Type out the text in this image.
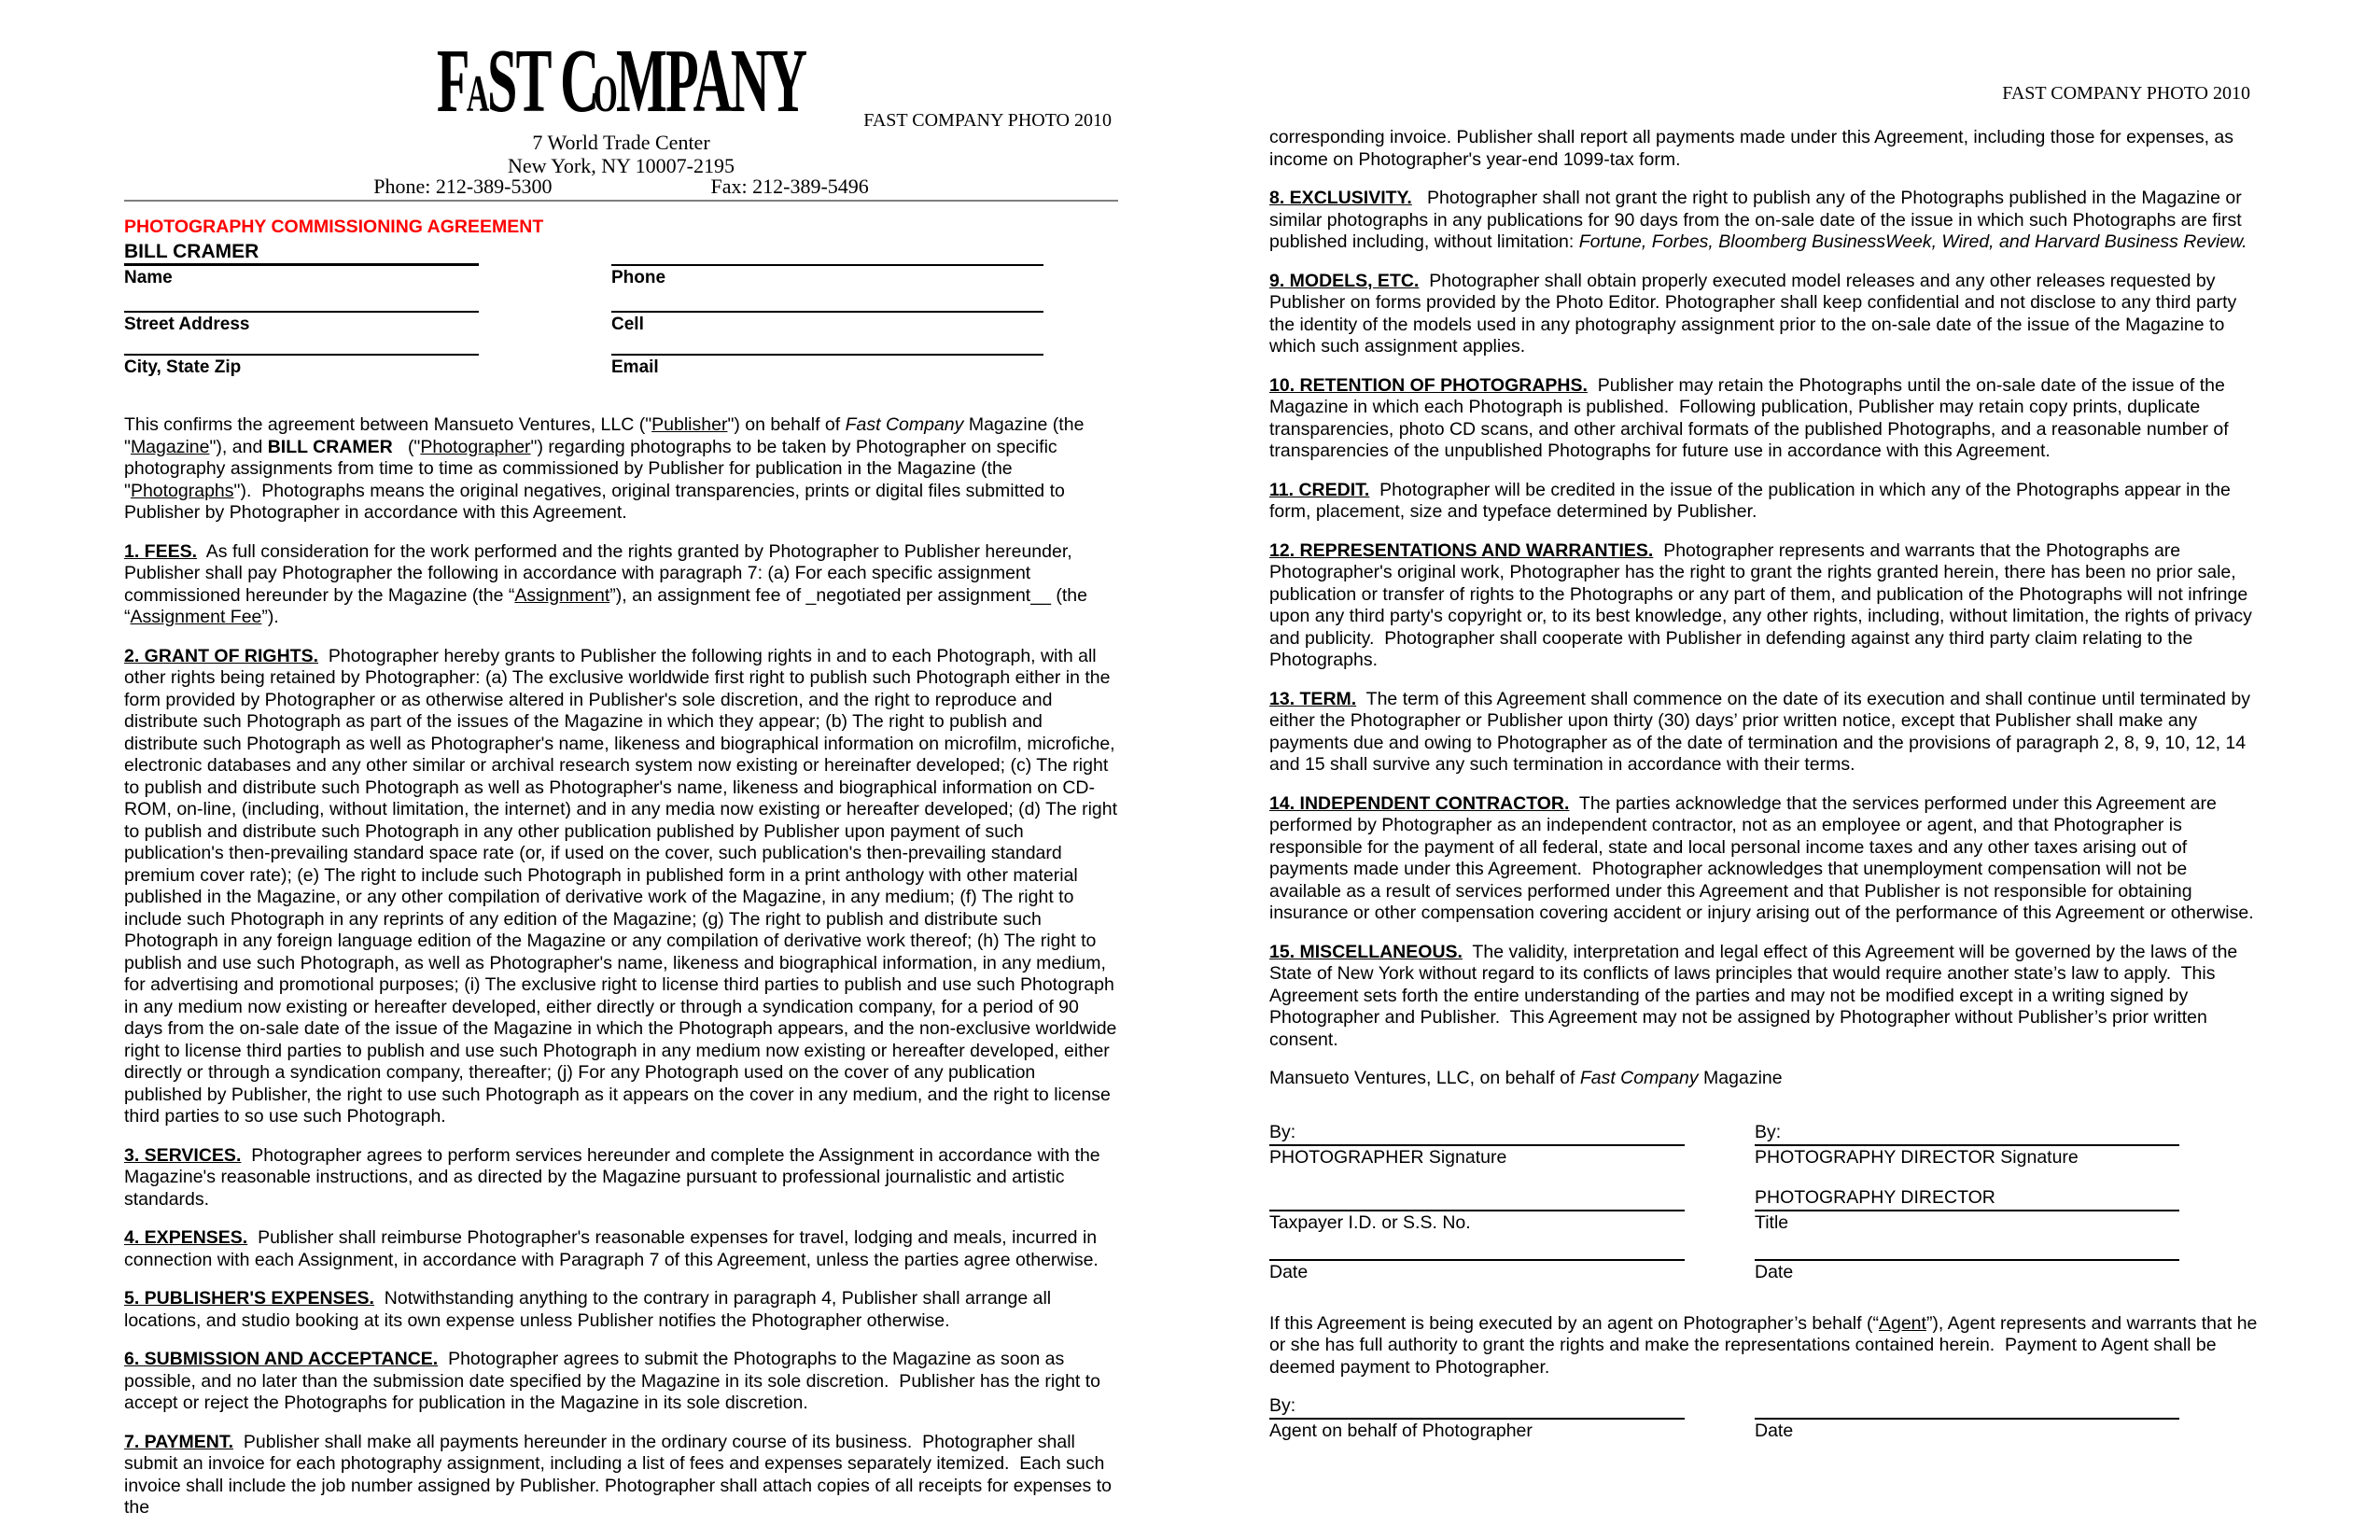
FAST COMPANY PHOTO 2010
FAST COMPANY
7 World Trade Center
New York, NY 10007-2195
Phone: 212-389-5300	Fax: 212-389-5496
PHOTOGRAPHY COMMISSIONING AGREEMENT
BILL CRAMER
Name	Phone
Street Address	Cell
City, State Zip	Email

This confirms the agreement between Mansueto Ventures, LLC ("Publisher") on behalf of Fast Company Magazine (the "Magazine"), and BILL CRAMER   ("Photographer") regarding photographs to be taken by Photographer on specific photography assignments from time to time as commissioned by Publisher for publication in the Magazine (the "Photographs").  Photographs means the original negatives, original transparencies, prints or digital files submitted to Publisher by Photographer in accordance with this Agreement.

1. FEES.  As full consideration for the work performed and the rights granted by Photographer to Publisher hereunder, Publisher shall pay Photographer the following in accordance with paragraph 7: (a) For each specific assignment commissioned hereunder by the Magazine (the “Assignment”), an assignment fee of _negotiated per assignment__ (the “Assignment Fee”).

2. GRANT OF RIGHTS.  Photographer hereby grants to Publisher the following rights in and to each Photograph, with all other rights being retained by Photographer: (a) The exclusive worldwide first right to publish such Photograph either in the form provided by Photographer or as otherwise altered in Publisher's sole discretion, and the right to reproduce and distribute such Photograph as part of the issues of the Magazine in which they appear; (b) The right to publish and distribute such Photograph as well as Photographer's name, likeness and biographical information on microfilm, microfiche, electronic databases and any other similar or archival research system now existing or hereinafter developed; (c) The right to publish and distribute such Photograph as well as Photographer's name, likeness and biographical information on CD-ROM, on-line, (including, without limitation, the internet) and in any media now existing or hereafter developed; (d) The right to publish and distribute such Photograph in any other publication published by Publisher upon payment of such publication's then-prevailing standard space rate (or, if used on the cover, such publication's then-prevailing standard premium cover rate); (e) The right to include such Photograph in published form in a print anthology with other material published in the Magazine, or any other compilation of derivative work of the Magazine, in any medium; (f) The right to include such Photograph in any reprints of any edition of the Magazine; (g) The right to publish and distribute such Photograph in any foreign language edition of the Magazine or any compilation of derivative work thereof; (h) The right to publish and use such Photograph, as well as Photographer's name, likeness and biographical information, in any medium, for advertising and promotional purposes; (i) The exclusive right to license third parties to publish and use such Photograph in any medium now existing or hereafter developed, either directly or through a syndication company, for a period of 90 days from the on-sale date of the issue of the Magazine in which the Photograph appears, and the non-exclusive worldwide right to license third parties to publish and use such Photograph in any medium now existing or hereafter developed, either directly or through a syndication company, thereafter; (j) For any Photograph used on the cover of any publication published by Publisher, the right to use such Photograph as it appears on the cover in any medium, and the right to license third parties to so use such Photograph.

3. SERVICES.  Photographer agrees to perform services hereunder and complete the Assignment in accordance with the Magazine's reasonable instructions, and as directed by the Magazine pursuant to professional journalistic and artistic standards.

4. EXPENSES.  Publisher shall reimburse Photographer's reasonable expenses for travel, lodging and meals, incurred in connection with each Assignment, in accordance with Paragraph 7 of this Agreement, unless the parties agree otherwise.

5. PUBLISHER'S EXPENSES.  Notwithstanding anything to the contrary in paragraph 4, Publisher shall arrange all locations, and studio booking at its own expense unless Publisher notifies the Photographer otherwise.

6. SUBMISSION AND ACCEPTANCE.  Photographer agrees to submit the Photographs to the Magazine as soon as possible, and no later than the submission date specified by the Magazine in its sole discretion.  Publisher has the right to accept or reject the Photographs for publication in the Magazine in its sole discretion.

7. PAYMENT.  Publisher shall make all payments hereunder in the ordinary course of its business.  Photographer shall submit an invoice for each photography assignment, including a list of fees and expenses separately itemized.  Each such invoice shall include the job number assigned by Publisher. Photographer shall attach copies of all receipts for expenses to the

FAST COMPANY PHOTO 2010

corresponding invoice. Publisher shall report all payments made under this Agreement, including those for expenses, as income on Photographer's year-end 1099-tax form.

8. EXCLUSIVITY.   Photographer shall not grant the right to publish any of the Photographs published in the Magazine or similar photographs in any publications for 90 days from the on-sale date of the issue in which such Photographs are first published including, without limitation: Fortune, Forbes, Bloomberg BusinessWeek, Wired, and Harvard Business Review.

9. MODELS, ETC.  Photographer shall obtain properly executed model releases and any other releases requested by Publisher on forms provided by the Photo Editor. Photographer shall keep confidential and not disclose to any third party the identity of the models used in any photography assignment prior to the on-sale date of the issue of the Magazine to which such assignment applies.

10. RETENTION OF PHOTOGRAPHS.  Publisher may retain the Photographs until the on-sale date of the issue of the Magazine in which each Photograph is published.  Following publication, Publisher may retain copy prints, duplicate transparencies, photo CD scans, and other archival formats of the published Photographs, and a reasonable number of transparencies of the unpublished Photographs for future use in accordance with this Agreement.

11. CREDIT.  Photographer will be credited in the issue of the publication in which any of the Photographs appear in the form, placement, size and typeface determined by Publisher.

12. REPRESENTATIONS AND WARRANTIES.  Photographer represents and warrants that the Photographs are Photographer's original work, Photographer has the right to grant the rights granted herein, there has been no prior sale, publication or transfer of rights to the Photographs or any part of them, and publication of the Photographs will not infringe upon any third party's copyright or, to its best knowledge, any other rights, including, without limitation, the rights of privacy and publicity.  Photographer shall cooperate with Publisher in defending against any third party claim relating to the Photographs.

13. TERM.  The term of this Agreement shall commence on the date of its execution and shall continue until terminated by either the Photographer or Publisher upon thirty (30) days’ prior written notice, except that Publisher shall make any payments due and owing to Photographer as of the date of termination and the provisions of paragraph 2, 8, 9, 10, 12, 14 and 15 shall survive any such termination in accordance with their terms.

14. INDEPENDENT CONTRACTOR.  The parties acknowledge that the services performed under this Agreement are performed by Photographer as an independent contractor, not as an employee or agent, and that Photographer is responsible for the payment of all federal, state and local personal income taxes and any other taxes arising out of payments made under this Agreement.  Photographer acknowledges that unemployment compensation will not be available as a result of services performed under this Agreement and that Publisher is not responsible for obtaining insurance or other compensation covering accident or injury arising out of the performance of this Agreement or otherwise.

15. MISCELLANEOUS.  The validity, interpretation and legal effect of this Agreement will be governed by the laws of the State of New York without regard to its conflicts of laws principles that would require another state’s law to apply.  This Agreement sets forth the entire understanding of the parties and may not be modified except in a writing signed by Photographer and Publisher.  This Agreement may not be assigned by Photographer without Publisher’s prior written consent.

Mansueto Ventures, LLC, on behalf of Fast Company Magazine

By:	By:
PHOTOGRAPHER Signature	PHOTOGRAPHY DIRECTOR Signature
PHOTOGRAPHY DIRECTOR
Taxpayer I.D. or S.S. No.	Title
Date	Date

If this Agreement is being executed by an agent on Photographer’s behalf (“Agent”), Agent represents and warrants that he or she has full authority to grant the rights and make the representations contained herein.  Payment to Agent shall be deemed payment to Photographer.

By:
Agent on behalf of Photographer	Date
